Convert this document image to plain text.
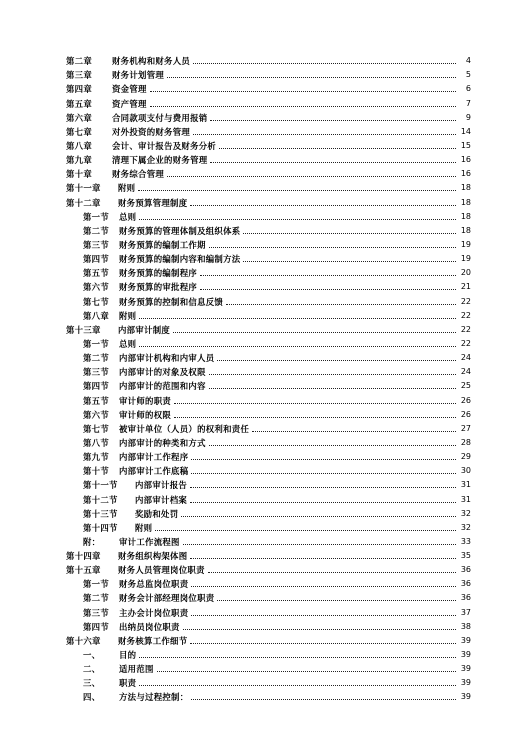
第二章 财务机构和财务人员	4
第三章 财务计划管理	5
第四章 资金管理	6
第五章 资产管理	7
第六章 合同款项支付与费用报销	9
第七章 对外投资的财务管理	14
第八章 会计、审计报告及财务分析	15
第九章 清理下属企业的财务管理	16
第十章 财务综合管理	16
第十一章 附则	18
第十二章 财务预算管理制度	18
第一节 总则	18
第二节 财务预算的管理体制及组织体系	18
第三节 财务预算的编制工作期	19
第四节 财务预算的编制内容和编制方法	19
第五节 财务预算的编制程序	20
第六节 财务预算的审批程序	21
第七节 财务预算的控制和信息反馈	22
第八章 附则	22
第十三章 内部审计制度	22
第一节 总则	22
第二节 内部审计机构和内审人员	24
第三节 内部审计的对象及权限	24
第四节 内部审计的范围和内容	25
第五节 审计师的职责	26
第六节 审计师的权限	26
第七节 被审计单位（人员）的权利和责任	27
第八节 内部审计的种类和方式	28
第九节 内部审计工作程序	29
第十节 内部审计工作底稿	30
第十一节 内部审计报告	31
第十二节 内部审计档案	31
第十三节 奖励和处罚	32
第十四节 附则	32
附： 审计工作流程图	33
第十四章 财务组织构架体图	35
第十五章 财务人员管理岗位职责	36
第一节 财务总监岗位职责	36
第二节 财务会计部经理岗位职责	36
第三节 主办会计岗位职责	37
第四节 出纳员岗位职责	38
第十六章 财务核算工作细节	39
一、 目的	39
二、 适用范围	39
三、 职责	39
四、 方法与过程控制：	39
